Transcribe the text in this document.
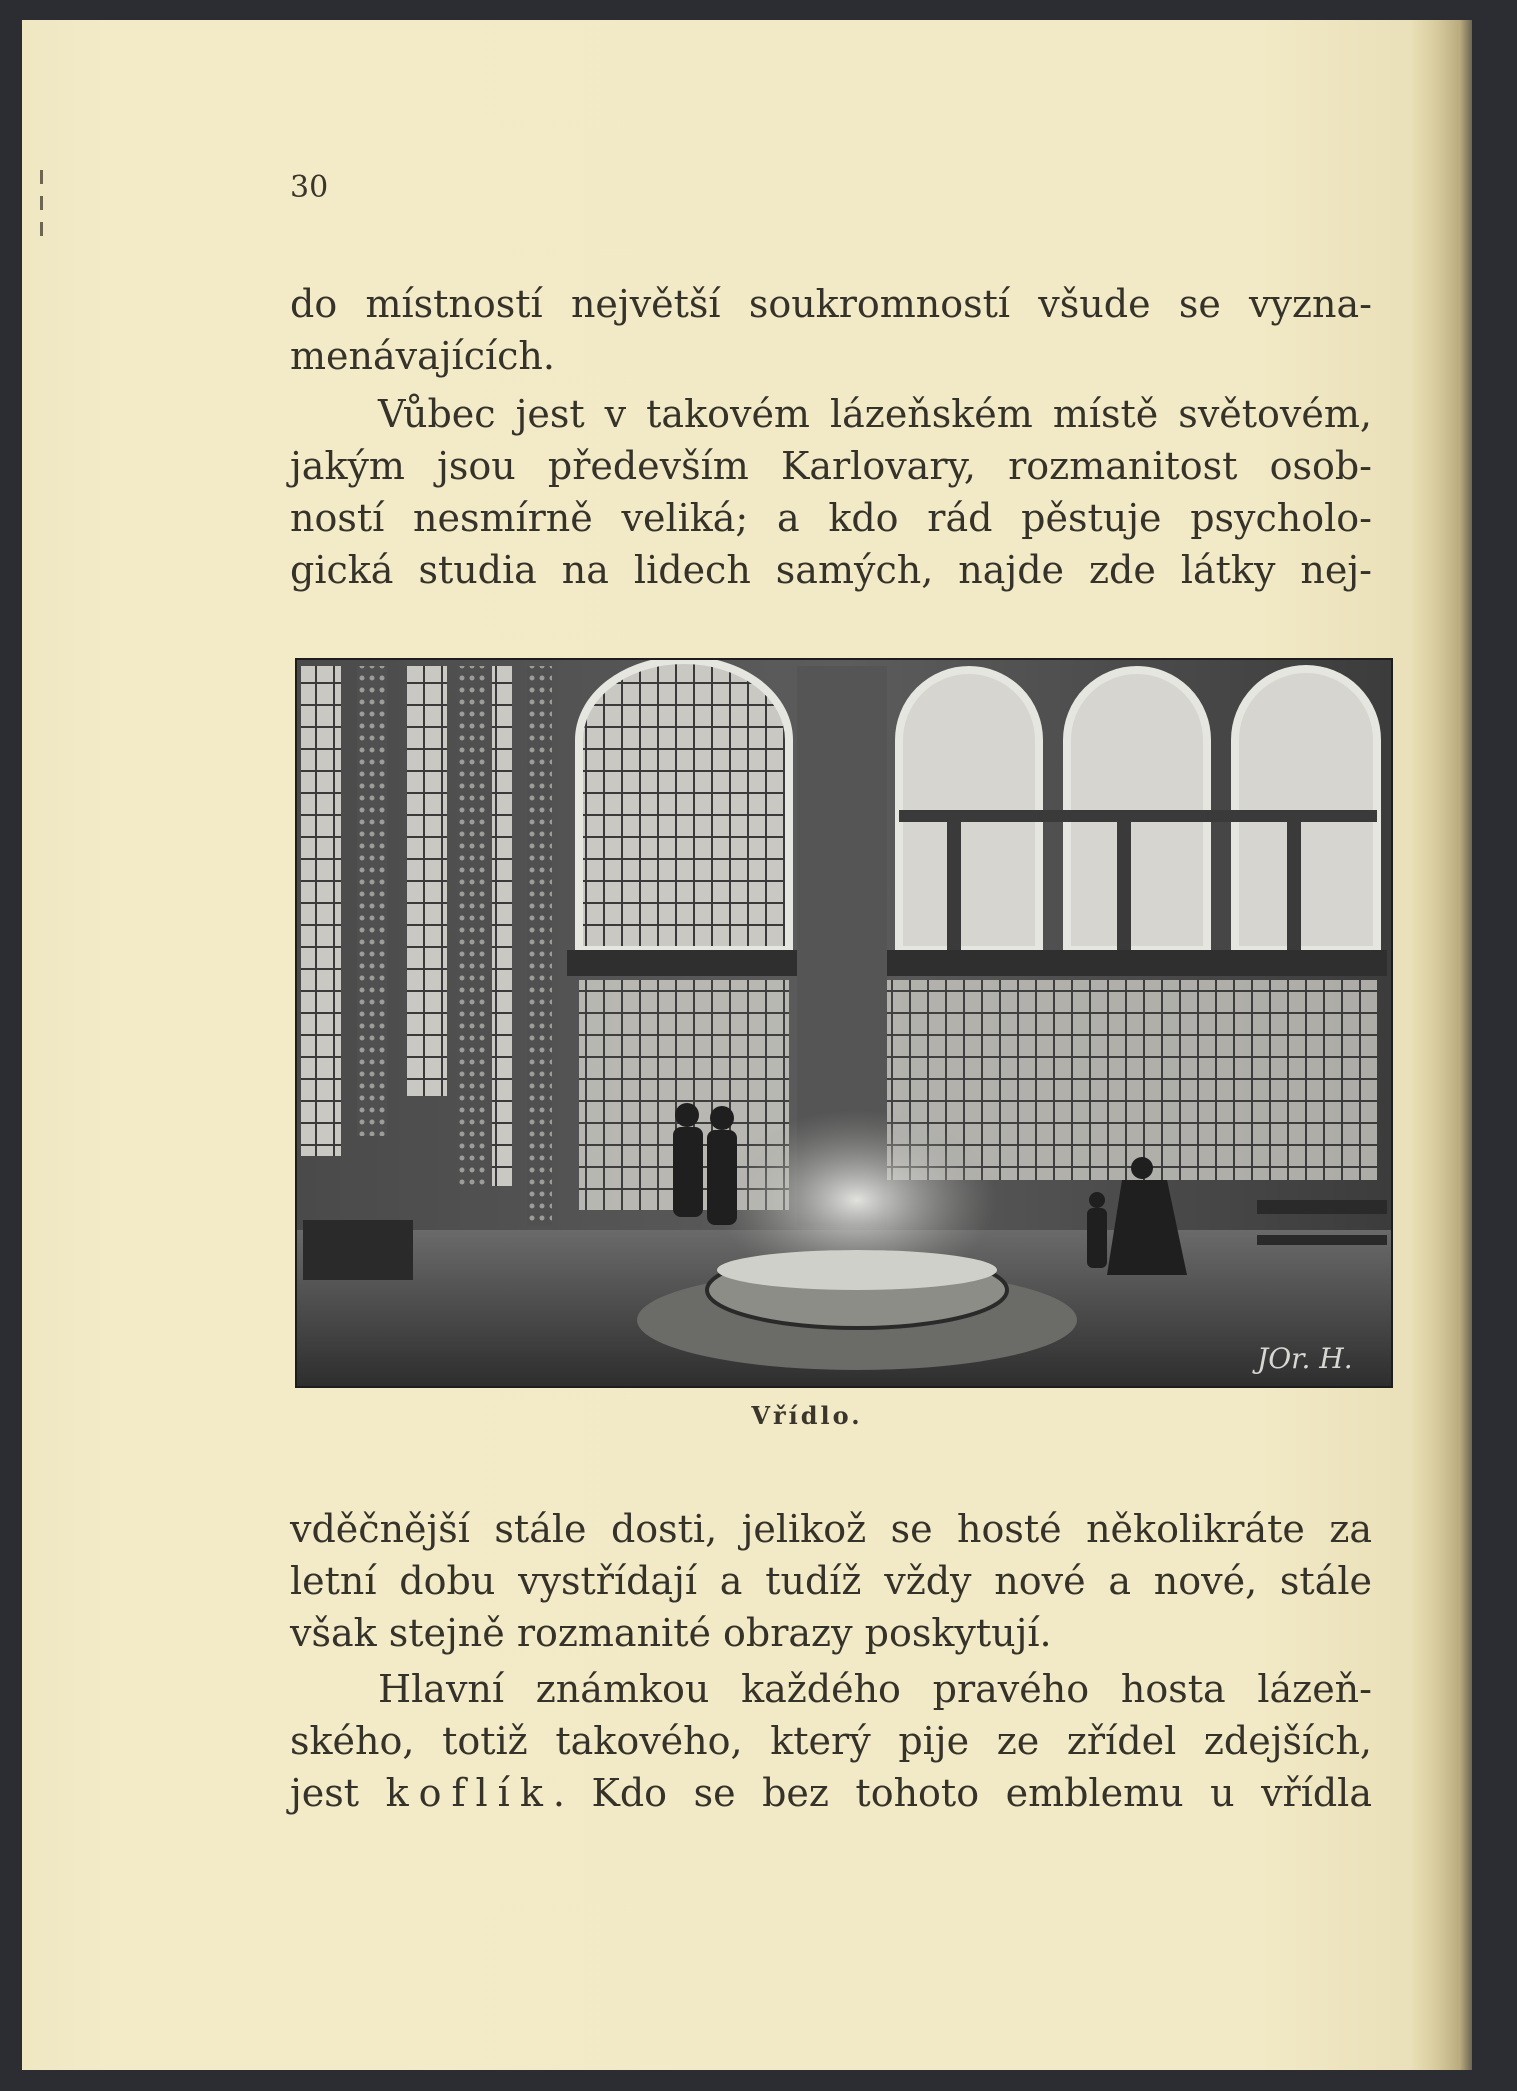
30

do místností největší soukromností všude se vyzna-
menávajících.

Vůbec jest v takovém lázeňském místě světovém,
jakým jsou především Karlovary, rozmanitost osob-
ností nesmírně veliká; a kdo rád pěstuje psycholo-
gická studia na lidech samých, najde zde látky nej-

JOr. H.
Vřídlo.

vděčnější stále dosti, jelikož se hosté několikráte za
letní dobu vystřídají a tudíž vždy nové a nové, stále
však stejně rozmanité obrazy poskytují.

Hlavní známkou každého pravého hosta lázeň-
ského, totiž takového, který pije ze zřídel zdejších,
jest koflík. Kdo se bez tohoto emblemu u vřídla
